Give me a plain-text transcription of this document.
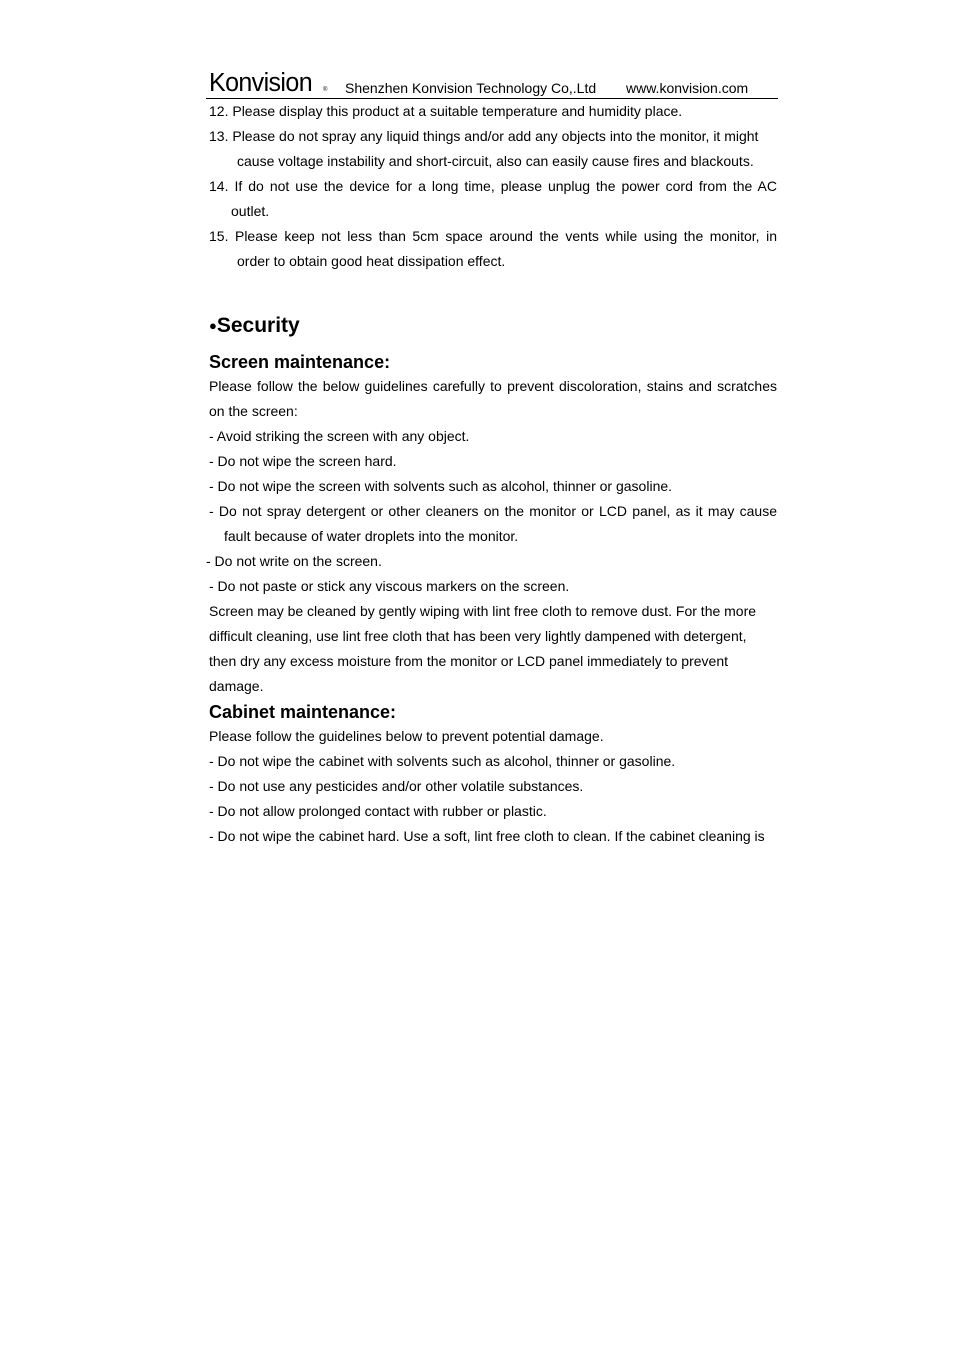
Konvision ® Shenzhen Konvision Technology Co,.Ltd www.konvision.com
12. Please display this product at a suitable temperature and humidity place.
13. Please do not spray any liquid things and/or add any objects into the monitor, it might
cause voltage instability and short-circuit, also can easily cause fires and blackouts.
14. If do not use the device for a long time, please unplug the power cord from the AC
outlet.
15. Please keep not less than 5cm space around the vents while using the monitor, in
order to obtain good heat dissipation effect.
●Security
Screen maintenance:
Please follow the below guidelines carefully to prevent discoloration, stains and scratches
on the screen:
- Avoid striking the screen with any object.
- Do not wipe the screen hard.
- Do not wipe the screen with solvents such as alcohol, thinner or gasoline.
- Do not spray detergent or other cleaners on the monitor or LCD panel, as it may cause
fault because of water droplets into the monitor.
- Do not write on the screen.
- Do not paste or stick any viscous markers on the screen.
Screen may be cleaned by gently wiping with lint free cloth to remove dust. For the more
difficult cleaning, use lint free cloth that has been very lightly dampened with detergent,
then dry any excess moisture from the monitor or LCD panel immediately to prevent
damage.
Cabinet maintenance:
Please follow the guidelines below to prevent potential damage.
- Do not wipe the cabinet with solvents such as alcohol, thinner or gasoline.
- Do not use any pesticides and/or other volatile substances.
- Do not allow prolonged contact with rubber or plastic.
- Do not wipe the cabinet hard. Use a soft, lint free cloth to clean. If the cabinet cleaning is
